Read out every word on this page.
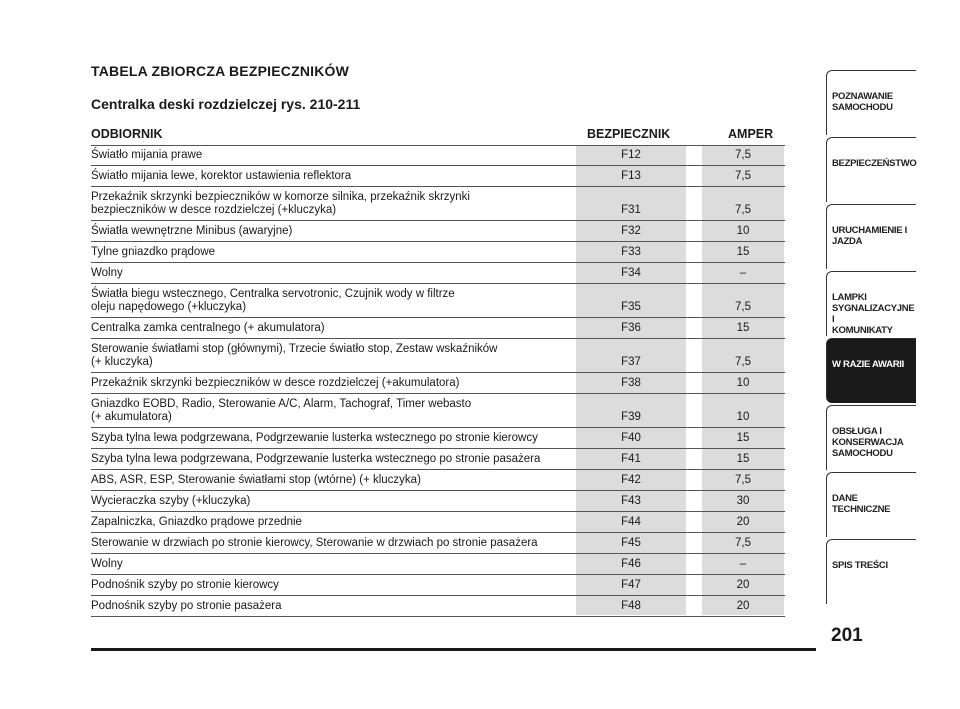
TABELA ZBIORCZA BEZPIECZNIKÓW
Centralka deski rozdzielczej rys. 210-211
ODBIORNIK	BEZPIECZNIK	AMPER
Światło mijania prawe	F12	7,5
Światło mijania lewe, korektor ustawienia reflektora	F13	7,5
Przekaźnik skrzynki bezpieczników w komorze silnika, przekaźnik skrzynki
bezpieczników w desce rozdzielczej (+kluczyka)	F31	7,5
Światła wewnętrzne Minibus (awaryjne)	F32	10
Tylne gniazdko prądowe	F33	15
Wolny	F34	–
Światła biegu wstecznego, Centralka servotronic, Czujnik wody w filtrze
oleju napędowego (+kluczyka)	F35	7,5
Centralka zamka centralnego (+ akumulatora)	F36	15
Sterowanie światłami stop (głównymi), Trzecie światło stop, Zestaw wskaźników
(+ kluczyka)	F37	7,5
Przekaźnik skrzynki bezpieczników w desce rozdzielczej (+akumulatora)	F38	10
Gniazdko EOBD, Radio, Sterowanie A/C, Alarm, Tachograf, Timer webasto
(+ akumulatora)	F39	10
Szyba tylna lewa podgrzewana, Podgrzewanie lusterka wstecznego po stronie kierowcy	F40	15
Szyba tylna lewa podgrzewana, Podgrzewanie lusterka wstecznego po stronie pasażera	F41	15
ABS, ASR, ESP, Sterowanie światłami stop (wtórne) (+ kluczyka)	F42	7,5
Wycieraczka szyby (+kluczyka)	F43	30
Zapalniczka, Gniazdko prądowe przednie	F44	20
Sterowanie w drzwiach po stronie kierowcy, Sterowanie w drzwiach po stronie pasażera	F45	7,5
Wolny	F46	–
Podnośnik szyby po stronie kierowcy	F47	20
Podnośnik szyby po stronie pasażera	F48	20
POZNAWANIE
SAMOCHODU
BEZPIECZEŃSTWO
URUCHAMIENIE I
JAZDA
LAMPKI
SYGNALIZACYJNE I
KOMUNIKATY
W RAZIE AWARII
OBSŁUGA I
KONSERWACJA
SAMOCHODU
DANE TECHNICZNE
SPIS TREŚCI
201
